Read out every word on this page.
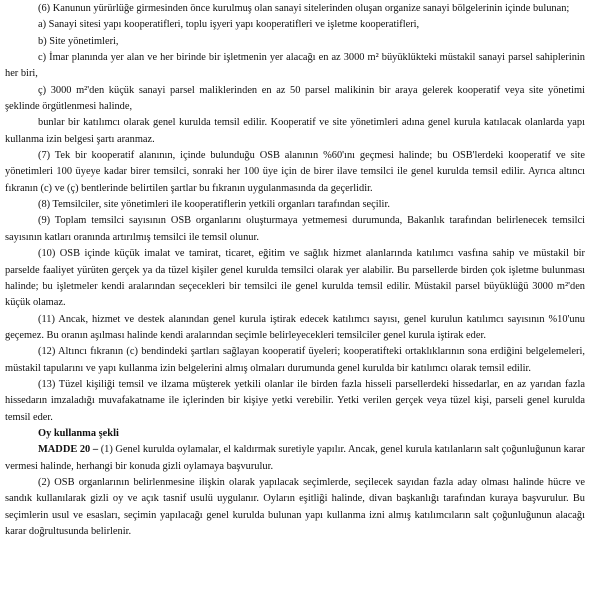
(6) Kanunun yürürlüğe girmesinden önce kurulmuş olan sanayi sitelerinden oluşan organize sanayi bölgelerinin içinde bulunan;

a) Sanayi sitesi yapı kooperatifleri, toplu işyeri yapı kooperatifleri ve işletme kooperatifleri,

b) Site yönetimleri,

c) İmar planında yer alan ve her birinde bir işletmenin yer alacağı en az 3000 m² büyüklükteki müstakil sanayi parsel sahiplerinin her biri,

ç) 3000 m²'den küçük sanayi parsel maliklerinden en az 50 parsel malikinin bir araya gelerek kooperatif veya site yönetimi şeklinde örgütlenmesi halinde,

bunlar bir katılımcı olarak genel kurulda temsil edilir. Kooperatif ve site yönetimleri adına genel kurula katılacak olanlarda yapı kullanma izin belgesi şartı aranmaz.

(7) Tek bir kooperatif alanının, içinde bulunduğu OSB alanının %60'ını geçmesi halinde; bu OSB'lerdeki kooperatif ve site yönetimleri 100 üyeye kadar birer temsilci, sonraki her 100 üye için de birer ilave temsilci ile genel kurulda temsil edilir. Ayrıca altıncı fıkranın (c) ve (ç) bentlerinde belirtilen şartlar bu fıkranın uygulanmasında da geçerlidir.

(8) Temsilciler, site yönetimleri ile kooperatiflerin yetkili organları tarafından seçilir.

(9) Toplam temsilci sayısının OSB organlarını oluşturmaya yetmemesi durumunda, Bakanlık tarafından belirlenecek temsilci sayısının katları oranında artırılmış temsilci ile temsil olunur.

(10) OSB içinde küçük imalat ve tamirat, ticaret, eğitim ve sağlık hizmet alanlarında katılımcı vasfına sahip ve müstakil bir parselde faaliyet yürüten gerçek ya da tüzel kişiler genel kurulda temsilci olarak yer alabilir. Bu parsellerde birden çok işletme bulunması halinde; bu işletmeler kendi aralarından seçecekleri bir temsilci ile genel kurulda temsil edilir. Müstakil parsel büyüklüğü 3000 m²'den küçük olamaz.

(11) Ancak, hizmet ve destek alanından genel kurula iştirak edecek katılımcı sayısı, genel kurulun katılımcı sayısının %10'unu geçemez. Bu oranın aşılması halinde kendi aralarından seçimle belirleyecekleri temsilciler genel kurula iştirak eder.

(12) Altıncı fıkranın (c) bendindeki şartları sağlayan kooperatif üyeleri; kooperatifteki ortaklıklarının sona erdiğini belgelemeleri, müstakil tapularını ve yapı kullanma izin belgelerini almış olmaları durumunda genel kurulda bir katılımcı olarak temsil edilir.

(13) Tüzel kişiliği temsil ve ilzama müşterek yetkili olanlar ile birden fazla hisseli parsellerdeki hissedarlar, en az yarıdan fazla hissedarın imzaladığı muvafakatname ile içlerinden bir kişiye yetki verebilir. Yetki verilen gerçek veya tüzel kişi, parseli genel kurulda temsil eder.

Oy kullanma şekli

MADDE 20 – (1) Genel kurulda oylamalar, el kaldırmak suretiyle yapılır. Ancak, genel kurula katılanların salt çoğunluğunun karar vermesi halinde, herhangi bir konuda gizli oylamaya başvurulur.

(2) OSB organlarının belirlenmesine ilişkin olarak yapılacak seçimlerde, seçilecek sayıdan fazla aday olması halinde hücre ve sandık kullanılarak gizli oy ve açık tasnif usulü uygulanır. Oyların eşitliği halinde, divan başkanlığı tarafından kuraya başvurulur. Bu seçimlerin usul ve esasları, seçimin yapılacağı genel kurulda bulunan yapı kullanma izni almış katılımcıların salt çoğunluğunun alacağı karar doğrultusunda belirlenir.
